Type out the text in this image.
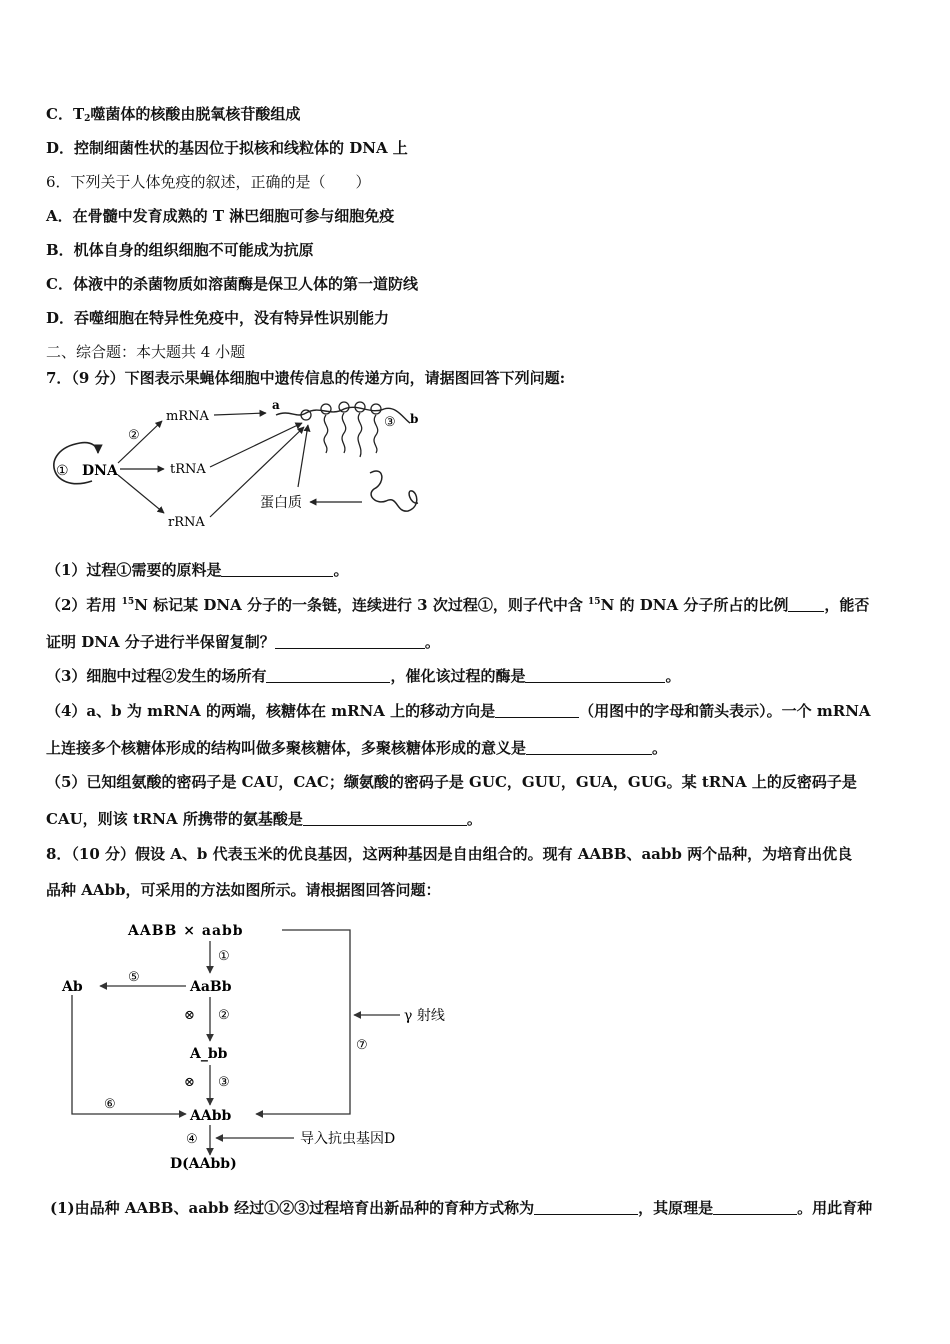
C．$T_2$噬菌体的核酸由脱氧核苷酸组成
D．控制细菌性状的基因位于拟核和线粒体的 DNA 上
6．下列关于人体免疫的叙述，正确的是（　　）
A．在骨髓中发育成熟的 T 淋巴细胞可参与细胞免疫
B．机体自身的组织细胞不可能成为抗原
C．体液中的杀菌物质如溶菌酶是保卫人体的第一道防线
D．吞噬细胞在特异性免疫中，没有特异性识别能力
二、综合题：本大题共 4 小题
7．（9 分）下图表示果蝇体细胞中遗传信息的传递方向，请据图回答下列问题:
① DNA
②
mRNA
tRNA
rRNA
a
③ b
蛋白质
（1）过程①需要的原料是	。
（2）若用 $^{15}$N 标记某 DNA 分子的一条链，连续进行 3 次过程①，则子代中含 $^{15}$N 的 DNA 分子所占的比例 ，能否
证明 DNA 分子进行半保留复制？	。
（3）细胞中过程②发生的场所有	，催化该过程的酶是	。
（4）a、b 为 mRNA 的两端，核糖体在 mRNA 上的移动方向是	（用图中的字母和箭头表示）。一个 mRNA
上连接多个核糖体形成的结构叫做多聚核糖体，多聚核糖体形成的意义是	。
（5）已知组氨酸的密码子是 CAU，CAC；缬氨酸的密码子是 GUC，GUU，GUA，GUG。某 tRNA 上的反密码子是
CAU，则该 tRNA 所携带的氨基酸是	。
8．（10 分）假设 A、b 代表玉米的优良基因，这两种基因是自由组合的。现有 AABB、aabb 两个品种，为培育出优良
品种 AAbb，可采用的方法如图所示。请根据图回答问题：
AABB × aabb
①
AaBb
⑤
Ab
⊗ ②
A_bb
⊗ ③
AAbb
⑥
γ 射线
⑦
④	导入抗虫基因D
D(AAbb)
(1)由品种 AABB、aabb 经过①②③过程培育出新品种的育种方式称为	，其原理是	。用此育种
